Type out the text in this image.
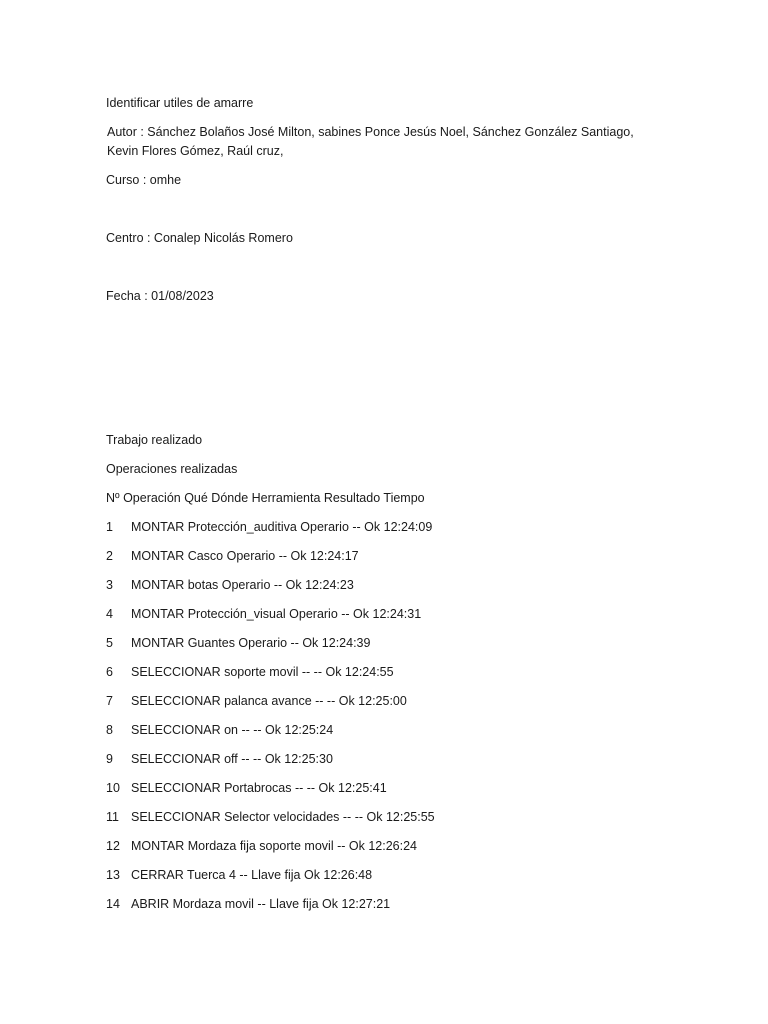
Identificar utiles de amarre
Autor : Sánchez Bolaños José Milton, sabines Ponce Jesús Noel, Sánchez González Santiago, Kevin Flores Gómez, Raúl cruz,
Curso : omhe
Centro : Conalep Nicolás Romero
Fecha : 01/08/2023
Trabajo realizado
Operaciones realizadas
Nº Operación Qué Dónde Herramienta Resultado Tiempo
1 MONTAR Protección_auditiva Operario -- Ok 12:24:09
2 MONTAR Casco Operario -- Ok 12:24:17
3 MONTAR botas Operario -- Ok 12:24:23
4 MONTAR Protección_visual Operario -- Ok 12:24:31
5 MONTAR Guantes Operario -- Ok 12:24:39
6 SELECCIONAR soporte movil -- -- Ok 12:24:55
7 SELECCIONAR palanca avance -- -- Ok 12:25:00
8 SELECCIONAR on -- -- Ok 12:25:24
9 SELECCIONAR off -- -- Ok 12:25:30
10 SELECCIONAR Portabrocas -- -- Ok 12:25:41
11 SELECCIONAR Selector velocidades -- -- Ok 12:25:55
12 MONTAR Mordaza fija soporte movil -- Ok 12:26:24
13 CERRAR Tuerca 4 -- Llave fija Ok 12:26:48
14 ABRIR Mordaza movil -- Llave fija Ok 12:27:21
